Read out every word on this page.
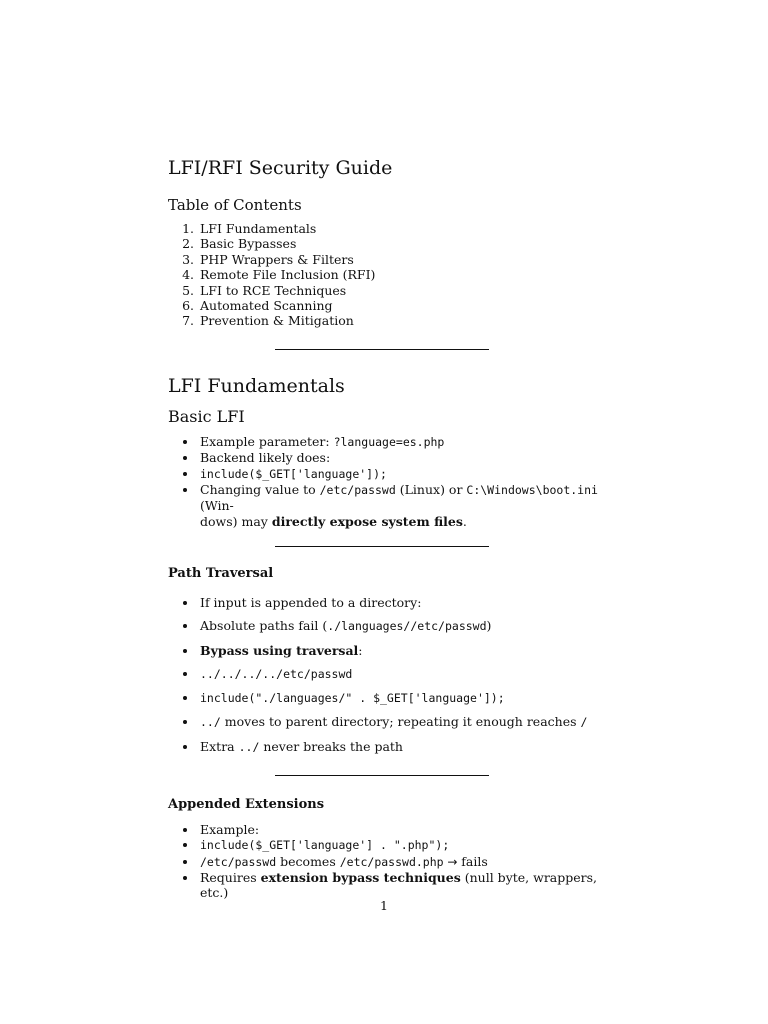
LFI/RFI Security Guide
Table of Contents
1. LFI Fundamentals
2. Basic Bypasses
3. PHP Wrappers & Filters
4. Remote File Inclusion (RFI)
5. LFI to RCE Techniques
6. Automated Scanning
7. Prevention & Mitigation
LFI Fundamentals
Basic LFI
• Example parameter: ?language=es.php
• Backend likely does:
• include($_GET['language']);
• Changing value to /etc/passwd (Linux) or C:\Windows\boot.ini (Win-
dows) may directly expose system files.
Path Traversal
• If input is appended to a directory:
• Absolute paths fail (./languages//etc/passwd)
• Bypass using traversal:
• ../../../../etc/passwd
• include("./languages/" . $_GET['language']);
• ../ moves to parent directory; repeating it enough reaches /
• Extra ../ never breaks the path
Appended Extensions
• Example:
• include($_GET['language'] . ".php");
• /etc/passwd becomes /etc/passwd.php → fails
• Requires extension bypass techniques (null byte, wrappers, etc.)
1
